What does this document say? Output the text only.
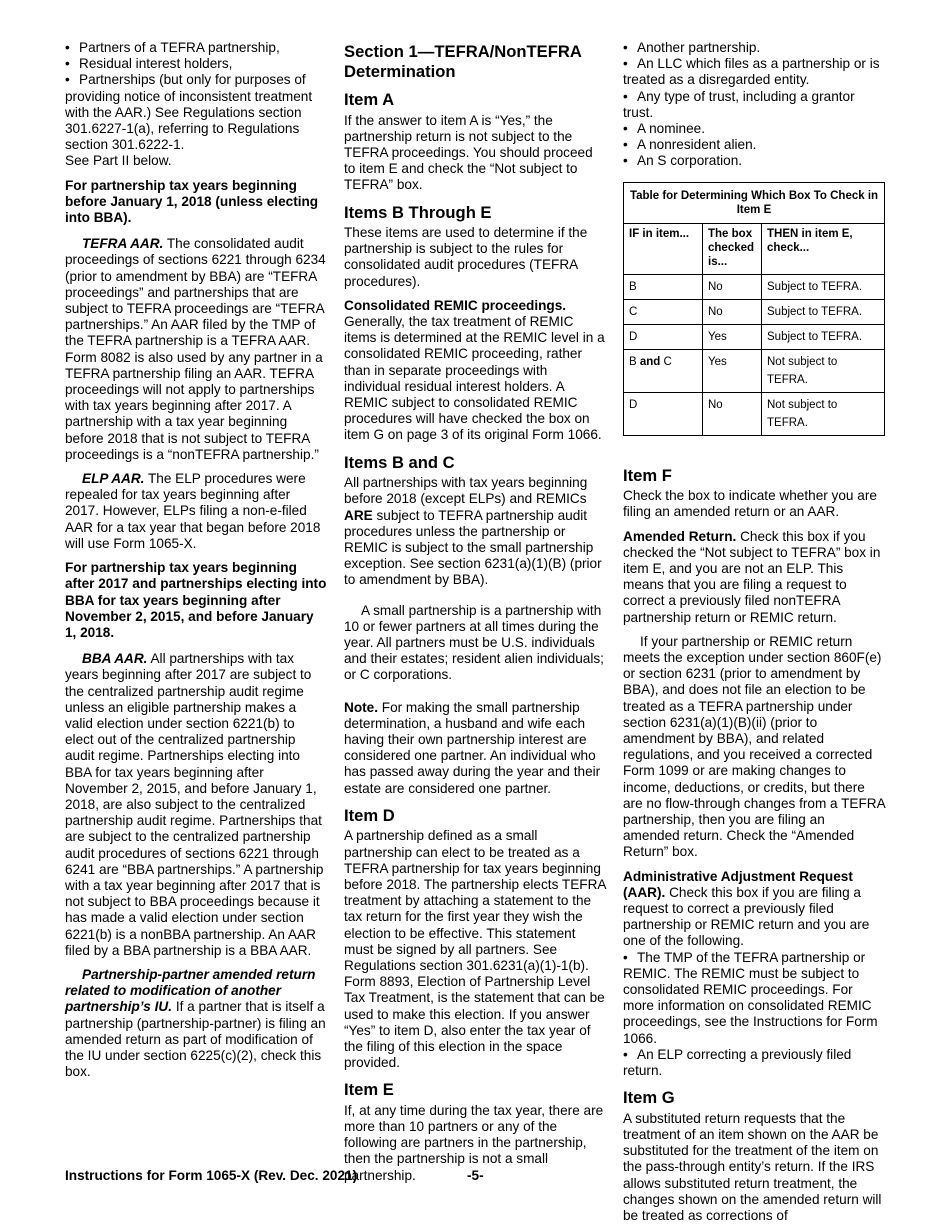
• Partners of a TEFRA partnership,
• Residual interest holders,
• Partnerships (but only for purposes of providing notice of inconsistent treatment with the AAR.) See Regulations section 301.6227-1(a), referring to Regulations section 301.6222-1.

See Part II below.

For partnership tax years beginning before January 1, 2018 (unless electing into BBA).

TEFRA AAR. The consolidated audit proceedings of sections 6221 through 6234 (prior to amendment by BBA) are “TEFRA proceedings” and partnerships that are subject to TEFRA proceedings are “TEFRA partnerships.” An AAR filed by the TMP of the TEFRA partnership is a TEFRA AAR. Form 8082 is also used by any partner in a TEFRA partnership filing an AAR. TEFRA proceedings will not apply to partnerships with tax years beginning after 2017. A partnership with a tax year beginning before 2018 that is not subject to TEFRA proceedings is a “nonTEFRA partnership.”

ELP AAR. The ELP procedures were repealed for tax years beginning after 2017. However, ELPs filing a non-e-filed AAR for a tax year that began before 2018 will use Form 1065-X.

For partnership tax years beginning after 2017 and partnerships electing into BBA for tax years beginning after November 2, 2015, and before January 1, 2018.

BBA AAR. All partnerships with tax years beginning after 2017 are subject to the centralized partnership audit regime unless an eligible partnership makes a valid election under section 6221(b) to elect out of the centralized partnership audit regime. Partnerships electing into BBA for tax years beginning after November 2, 2015, and before January 1, 2018, are also subject to the centralized partnership audit regime. Partnerships that are subject to the centralized partnership audit procedures of sections 6221 through 6241 are “BBA partnerships.” A partnership with a tax year beginning after 2017 that is not subject to BBA proceedings because it has made a valid election under section 6221(b) is a nonBBA partnership. An AAR filed by a BBA partnership is a BBA AAR.

Partnership-partner amended return related to modification of another partnership’s IU. If a partner that is itself a partnership (partnership-partner) is filing an amended return as part of modification of the IU under section 6225(c)(2), check this box.

Section 1—TEFRA/NonTEFRA Determination
Item A

If the answer to item A is “Yes,” the partnership return is not subject to the TEFRA proceedings. You should proceed to item E and check the “Not subject to TEFRA” box.

Items B Through E

These items are used to determine if the partnership is subject to the rules for consolidated audit procedures (TEFRA procedures).

Consolidated REMIC proceedings.
Generally, the tax treatment of REMIC items is determined at the REMIC level in a consolidated REMIC proceeding, rather than in separate proceedings with individual residual interest holders. A REMIC subject to consolidated REMIC procedures will have checked the box on item G on page 3 of its original Form 1066.

Items B and C

All partnerships with tax years beginning before 2018 (except ELPs) and REMICs ARE subject to TEFRA partnership audit procedures unless the partnership or REMIC is subject to the small partnership exception. See section 6231(a)(1)(B) (prior to amendment by BBA).

A small partnership is a partnership with 10 or fewer partners at all times during the year. All partners must be U.S. individuals and their estates; resident alien individuals; or C corporations.

Note. For making the small partnership determination, a husband and wife each having their own partnership interest are considered one partner. An individual who has passed away during the year and their estate are considered one partner.

Item D

A partnership defined as a small partnership can elect to be treated as a TEFRA partnership for tax years beginning before 2018. The partnership elects TEFRA treatment by attaching a statement to the tax return for the first year they wish the election to be effective. This statement must be signed by all partners. See Regulations section 301.6231(a)(1)-1(b). Form 8893, Election of Partnership Level Tax Treatment, is the statement that can be used to make this election. If you answer “Yes” to item D, also enter the tax year of the filing of this election in the space provided.

Item E

If, at any time during the tax year, there are more than 10 partners or any of the following are partners in the partnership, then the partnership is not a small partnership.

• Another partnership.
• An LLC which files as a partnership or is treated as a disregarded entity.
• Any type of trust, including a grantor trust.
• A nominee.
• A nonresident alien.
• An S corporation.
Table for Determining Which Box To Check in Item E		
IF in item...	The box checked is...	THEN in item E, check...
B	No	Subject to TEFRA.
C	No	Subject to TEFRA.
D	Yes	Subject to TEFRA.
B and C	Yes	Not subject to TEFRA.
D	No	Not subject to TEFRA.
Item F

Check the box to indicate whether you are filing an amended return or an AAR.

Amended Return. Check this box if you checked the “Not subject to TEFRA” box in item E, and you are not an ELP. This means that you are filing a request to correct a previously filed nonTEFRA partnership return or REMIC return.

If your partnership or REMIC return meets the exception under section 860F(e) or section 6231 (prior to amendment by BBA), and does not file an election to be treated as a TEFRA partnership under section 6231(a)(1)(B)(ii) (prior to amendment by BBA), and related regulations, and you received a corrected Form 1099 or are making changes to income, deductions, or credits, but there are no flow-through changes from a TEFRA partnership, then you are filing an amended return. Check the “Amended Return” box.

Administrative Adjustment Request (AAR). Check this box if you are filing a request to correct a previously filed partnership or REMIC return and you are one of the following.

• The TMP of the TEFRA partnership or REMIC. The REMIC must be subject to consolidated REMIC proceedings. For more information on consolidated REMIC proceedings, see the Instructions for Form 1066.
• An ELP correcting a previously filed return.
Item G

A substituted return requests that the treatment of an item shown on the AAR be substituted for the treatment of the item on the pass-through entity’s return. If the IRS allows substituted return treatment, the changes shown on the amended return will be treated as corrections of

Instructions for Form 1065-X (Rev. Dec. 2021)	-5-
